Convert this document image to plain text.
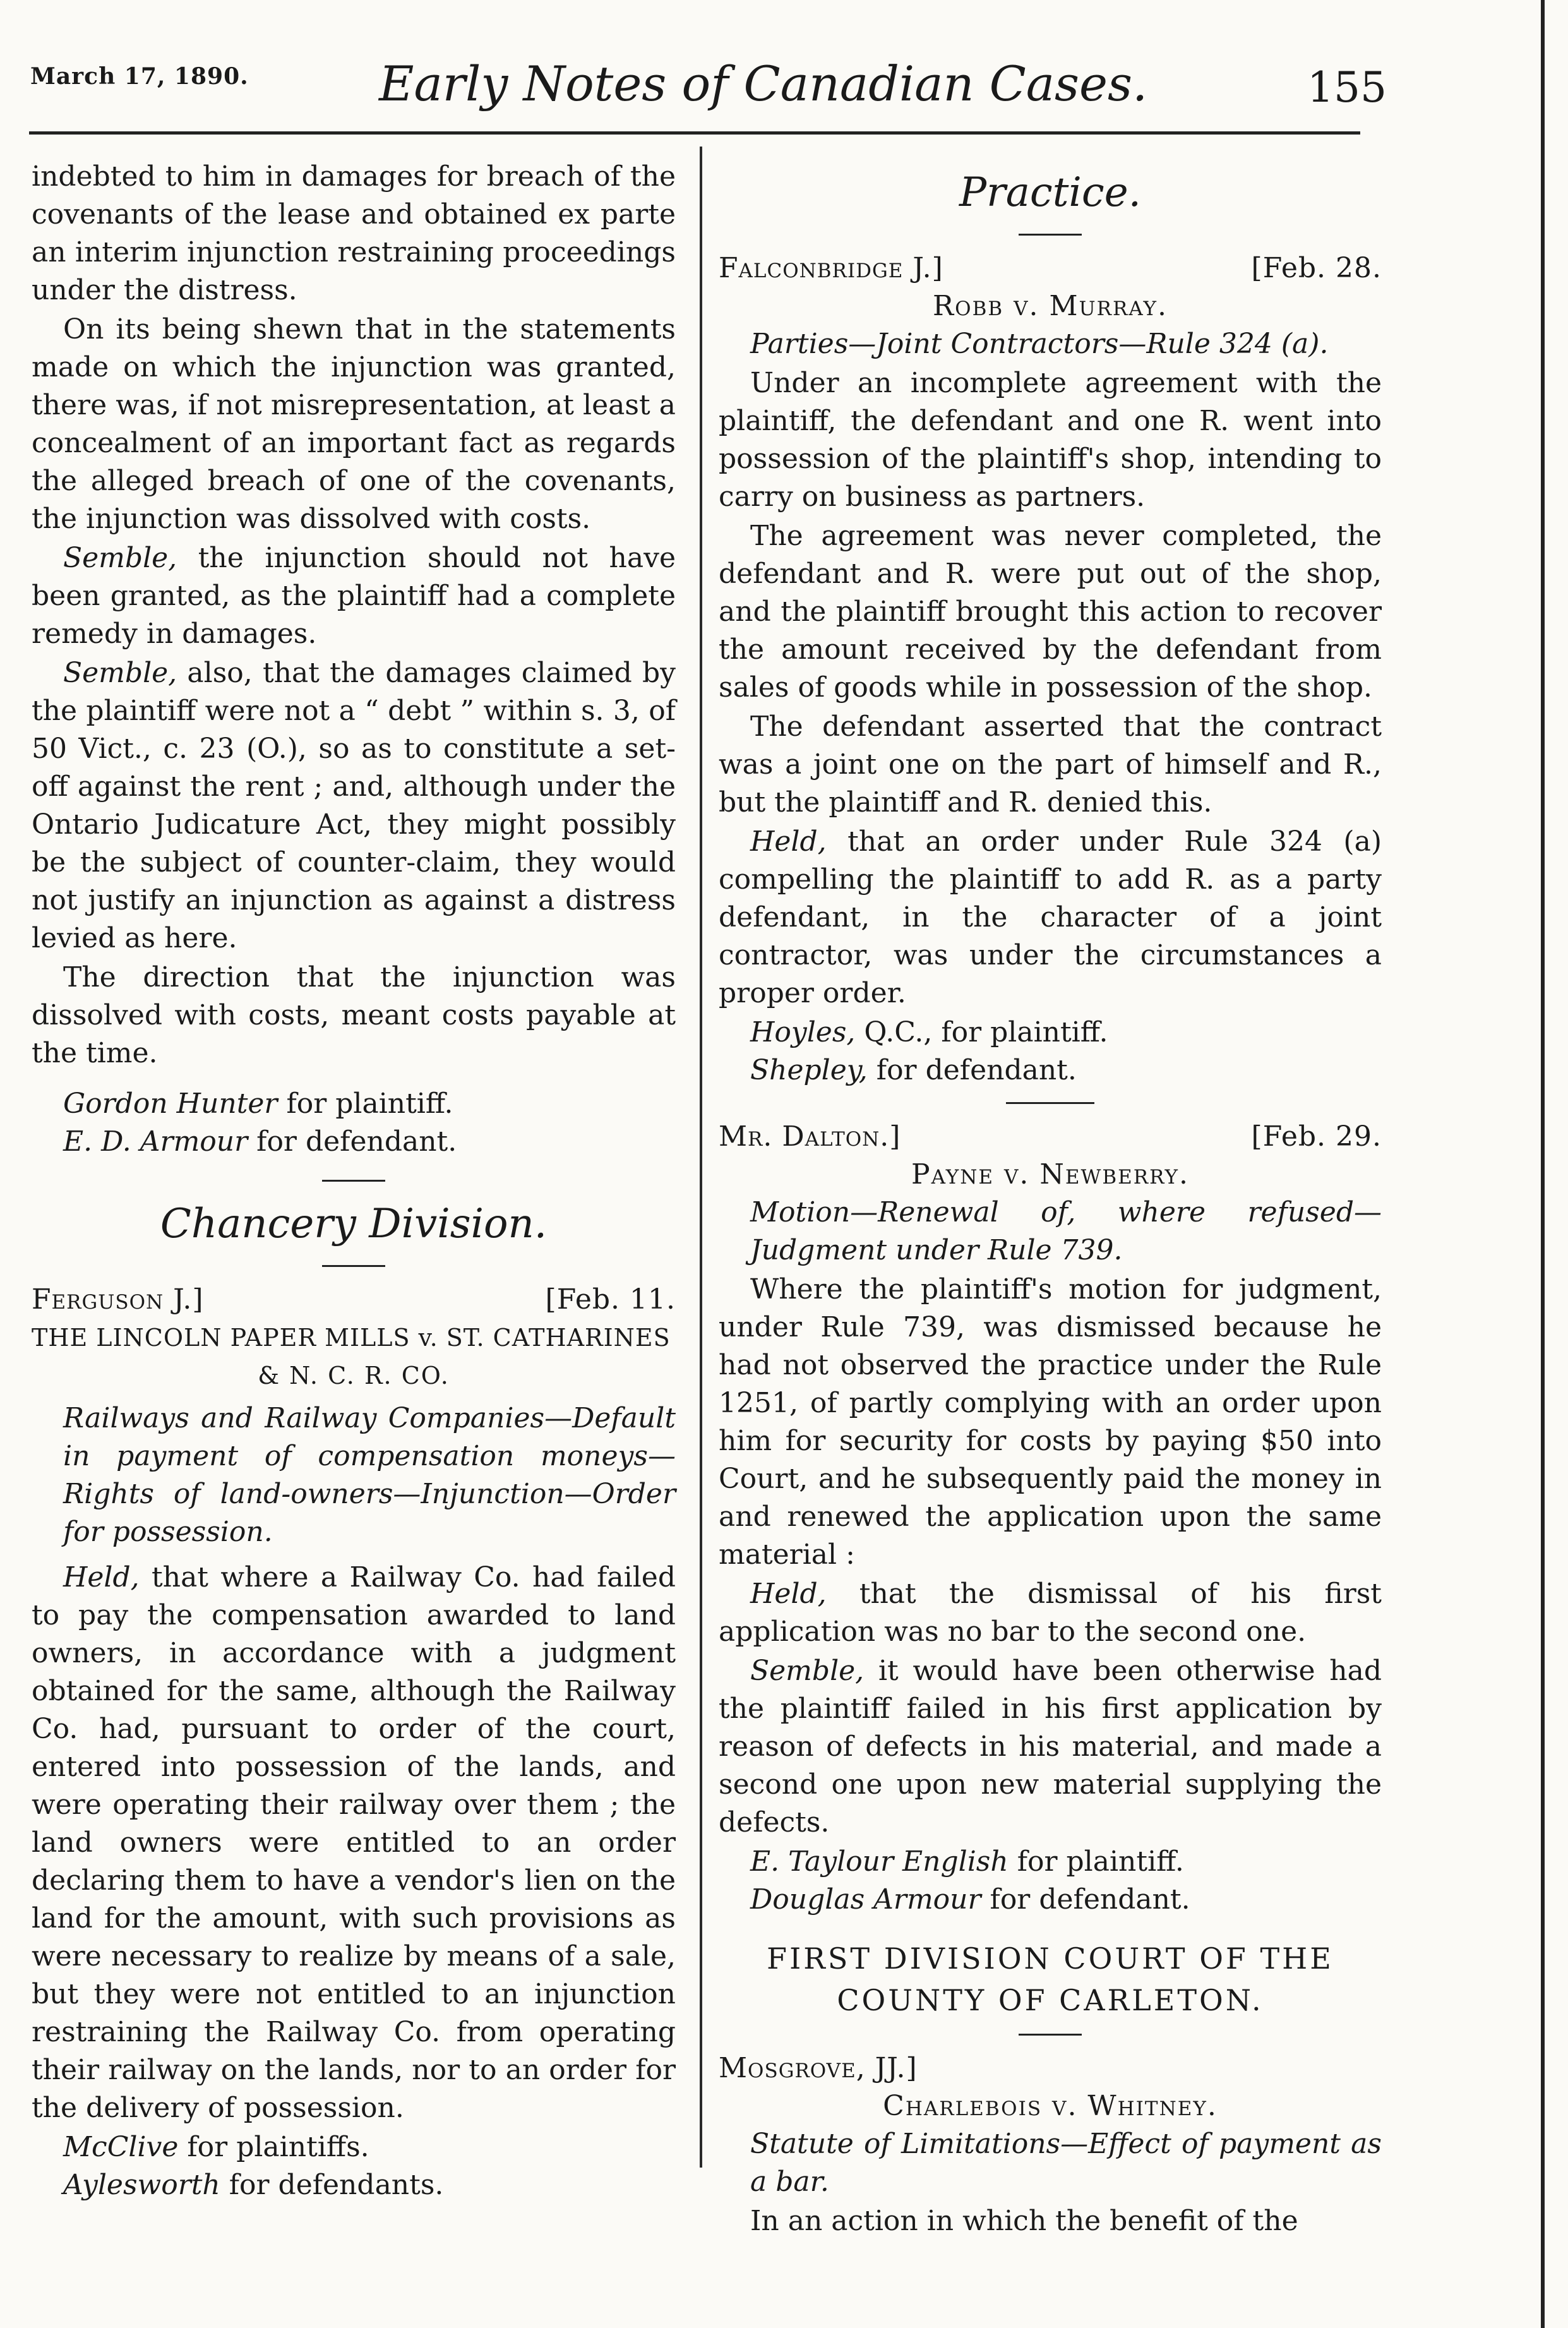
March 17, 1890.	Early Notes of Canadian Cases.	155

indebted to him in damages for breach of the covenants of the lease and obtained ex parte an interim injunction restraining proceedings under the distress.

On its being shewn that in the statements made on which the injunction was granted, there was, if not misrepresentation, at least a concealment of an important fact as regards the alleged breach of one of the covenants, the injunction was dissolved with costs.

Semble, the injunction should not have been granted, as the plaintiff had a complete remedy in damages.

Semble, also, that the damages claimed by the plaintiff were not a “ debt ” within s. 3, of 50 Vict., c. 23 (O.), so as to constitute a set-off against the rent ; and, although under the Ontario Judicature Act, they might possibly be the subject of counter-claim, they would not justify an injunction as against a distress levied as here.

The direction that the injunction was dissolved with costs, meant costs payable at the time.

Gordon Hunter for plaintiff.
E. D. Armour for defendant.
Chancery Division.
Ferguson J.]	[Feb. 11.
THE LINCOLN PAPER MILLS v. ST. CATHARINES
& N. C. R. CO.

Railways and Railway Companies—Default in payment of compensation moneys—Rights of land-owners—Injunction—Order for possession.

Held, that where a Railway Co. had failed to pay the compensation awarded to land owners, in accordance with a judgment obtained for the same, although the Railway Co. had, pursuant to order of the court, entered into possession of the lands, and were operating their railway over them ; the land owners were entitled to an order declaring them to have a vendor's lien on the land for the amount, with such provisions as were necessary to realize by means of a sale, but they were not entitled to an injunction restraining the Railway Co. from operating their railway on the lands, nor to an order for the delivery of possession.

McClive for plaintiffs.
Aylesworth for defendants.
Practice.
Falconbridge J.]	[Feb. 28.
Robb v. Murray.

Parties—Joint Contractors—Rule 324 (a).

Under an incomplete agreement with the plaintiff, the defendant and one R. went into possession of the plaintiff's shop, intending to carry on business as partners.

The agreement was never completed, the defendant and R. were put out of the shop, and the plaintiff brought this action to recover the amount received by the defendant from sales of goods while in possession of the shop.

The defendant asserted that the contract was a joint one on the part of himself and R., but the plaintiff and R. denied this.

Held, that an order under Rule 324 (a) compelling the plaintiff to add R. as a party defendant, in the character of a joint contractor, was under the circumstances a proper order.

Hoyles, Q.C., for plaintiff.
Shepley, for defendant.
Mr. Dalton.]	[Feb. 29.
Payne v. Newberry.

Motion—Renewal of, where refused—Judgment under Rule 739.

Where the plaintiff's motion for judgment, under Rule 739, was dismissed because he had not observed the practice under the Rule 1251, of partly complying with an order upon him for security for costs by paying $50 into Court, and he subsequently paid the money in and renewed the application upon the same material :

Held, that the dismissal of his first application was no bar to the second one.

Semble, it would have been otherwise had the plaintiff failed in his first application by reason of defects in his material, and made a second one upon new material supplying the defects.

E. Taylour English for plaintiff.
Douglas Armour for defendant.
FIRST DIVISION COURT OF THE
COUNTY OF CARLETON.
Mosgrove, JJ.]
Charlebois v. Whitney.

Statute of Limitations—Effect of payment as a bar.

In an action in which the benefit of the
